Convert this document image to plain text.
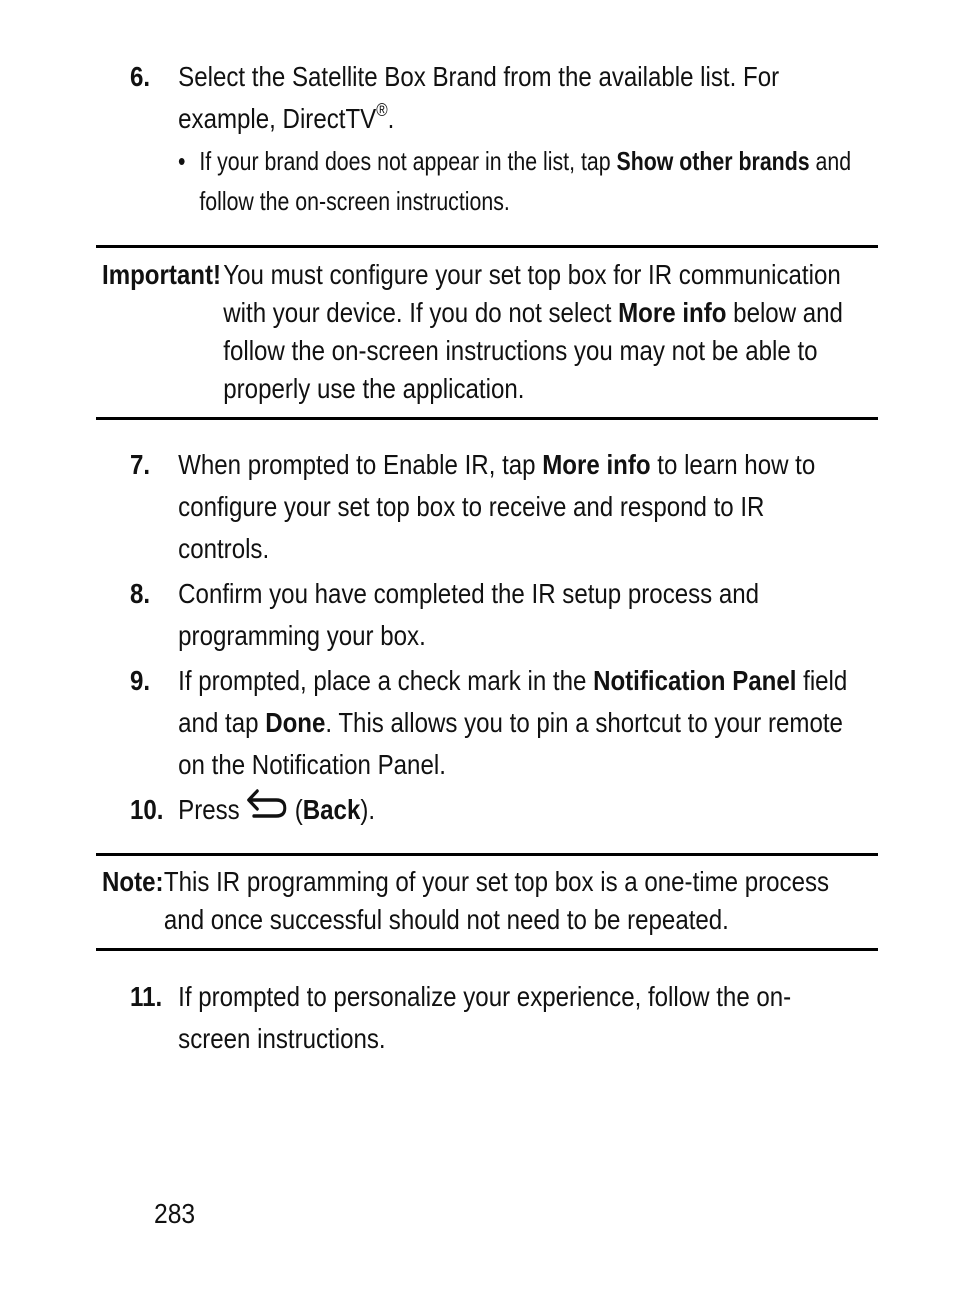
6. Select the Satellite Box Brand from the available list. For
example, DirectTV®.
• If your brand does not appear in the list, tap Show other brands and
follow the on-screen instructions.
Important! You must configure your set top box for IR communication
with your device. If you do not select More info below and
follow the on-screen instructions you may not be able to
properly use the application.
7. When prompted to Enable IR, tap More info to learn how to
configure your set top box to receive and respond to IR
controls.
8. Confirm you have completed the IR setup process and
programming your box.
9. If prompted, place a check mark in the Notification Panel field
and tap Done. This allows you to pin a shortcut to your remote
on the Notification Panel.
10. Press (Back).
Note: This IR programming of your set top box is a one-time process
and once successful should not need to be repeated.
11. If prompted to personalize your experience, follow the on-
screen instructions.
283
